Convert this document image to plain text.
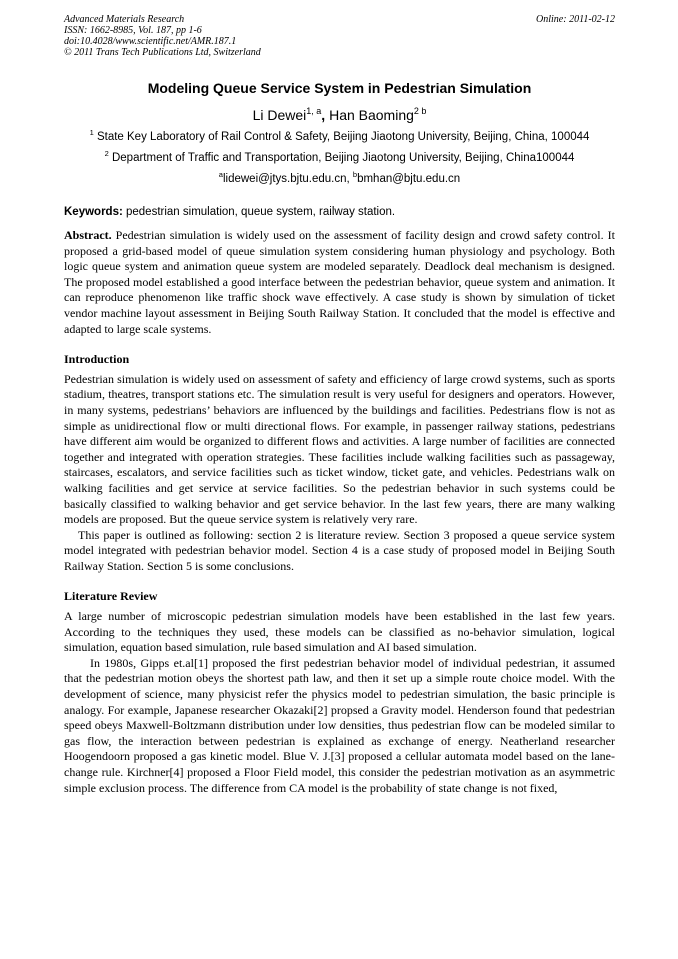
Advanced Materials Research
ISSN: 1662-8985, Vol. 187, pp 1-6
doi:10.4028/www.scientific.net/AMR.187.1
© 2011 Trans Tech Publications Ltd, Switzerland
Online: 2011-02-12
Modeling Queue Service System in Pedestrian Simulation
Li Dewei$^{1, a}$, Han Baoming$^{2 b}$
$^1$ State Key Laboratory of Rail Control & Safety, Beijing Jiaotong University, Beijing, China, 100044
$^2$ Department of Traffic and Transportation, Beijing Jiaotong University, Beijing, China100044
$^a$lidewei@jtys.bjtu.edu.cn, $^b$bmhan@bjtu.edu.cn
Keywords: pedestrian simulation, queue system, railway station.

Abstract. Pedestrian simulation is widely used on the assessment of facility design and crowd safety control. It proposed a grid-based model of queue simulation system considering human physiology and psychology. Both logic queue system and animation queue system are modeled separately. Deadlock deal mechanism is designed. The proposed model established a good interface between the pedestrian behavior, queue system and animation. It can reproduce phenomenon like traffic shock wave effectively. A case study is shown by simulation of ticket vendor machine layout assessment in Beijing South Railway Station. It concluded that the model is effective and adapted to large scale systems.

Introduction

Pedestrian simulation is widely used on assessment of safety and efficiency of large crowd systems, such as sports stadium, theatres, transport stations etc. The simulation result is very useful for designers and operators. However, in many systems, pedestrians’ behaviors are influenced by the buildings and facilities. Pedestrians flow is not as simple as unidirectional flow or multi directional flows. For example, in passenger railway stations, pedestrians have different aim would be organized to different flows and activities. A large number of facilities are connected together and integrated with operation strategies. These facilities include walking facilities such as passageway, staircases, escalators, and service facilities such as ticket window, ticket gate, and vehicles. Pedestrians walk on walking facilities and get service at service facilities. So the pedestrian behavior in such systems could be basically classified to walking behavior and get service behavior. In the last few years, there are many walking models are proposed. But the queue service system is relatively very rare.

This paper is outlined as following: section 2 is literature review. Section 3 proposed a queue service system model integrated with pedestrian behavior model. Section 4 is a case study of proposed model in Beijing South Railway Station. Section 5 is some conclusions.

Literature Review

A large number of microscopic pedestrian simulation models have been established in the last few years. According to the techniques they used, these models can be classified as no-behavior simulation, logical simulation, equation based simulation, rule based simulation and AI based simulation.

In 1980s, Gipps et.al[1] proposed the first pedestrian behavior model of individual pedestrian, it assumed that the pedestrian motion obeys the shortest path law, and then it set up a simple route choice model. With the development of science, many physicist refer the physics model to pedestrian simulation, the basic principle is analogy. For example, Japanese researcher Okazaki[2] propsed a Gravity model. Henderson found that pedestrian speed obeys Maxwell-Boltzmann distribution under low densities, thus pedestrian flow can be modeled similar to gas flow, the interaction between pedestrian is explained as exchange of energy. Neatherland researcher Hoogendoorn proposed a gas kinetic model. Blue V. J.[3] proposed a cellular automata model based on the lane-change rule. Kirchner[4] proposed a Floor Field model, this consider the pedestrian motivation as an asymmetric simple exclusion process. The difference from CA model is the probability of state change is not fixed,
